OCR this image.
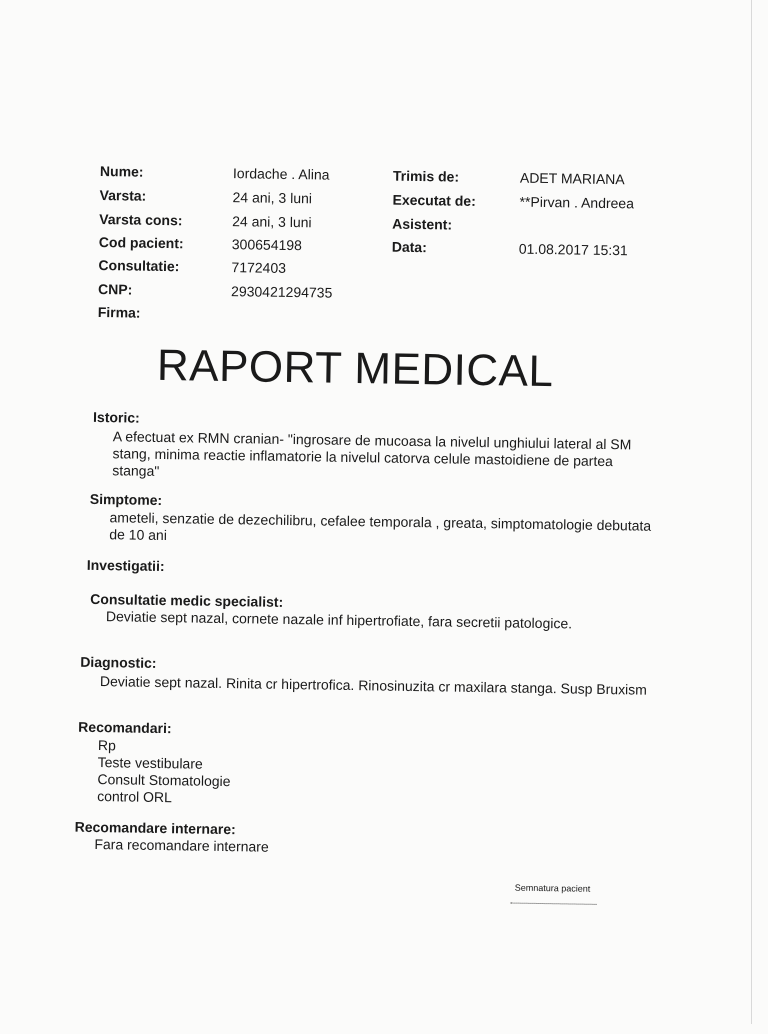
Nume:	Iordache . Alina
Varsta:	24 ani, 3 luni
Varsta cons:	24 ani, 3 luni
Cod pacient:	300654198
Consultatie:	7172403
CNP:	2930421294735
Firma:
Trimis de:	ADET MARIANA
Executat de:	**Pirvan . Andreea
Asistent:
Data:	01.08.2017 15:31
RAPORT MEDICAL
Istoric:
A efectuat ex RMN cranian- "ingrosare de mucoasa la nivelul unghiului lateral al SM
stang, minima reactie inflamatorie la nivelul catorva celule mastoidiene de partea
stanga"
Simptome:
ameteli, senzatie de dezechilibru, cefalee temporala , greata, simptomatologie debutata
de 10 ani
Investigatii:
Consultatie medic specialist:
Deviatie sept nazal, cornete nazale inf hipertrofiate, fara secretii patologice.
Diagnostic:
Deviatie sept nazal. Rinita cr hipertrofica. Rinosinuzita cr maxilara stanga. Susp Bruxism
Recomandari:
Rp
Teste vestibulare
Consult Stomatologie
control ORL
Recomandare internare:
Fara recomandare internare
Semnatura pacient
